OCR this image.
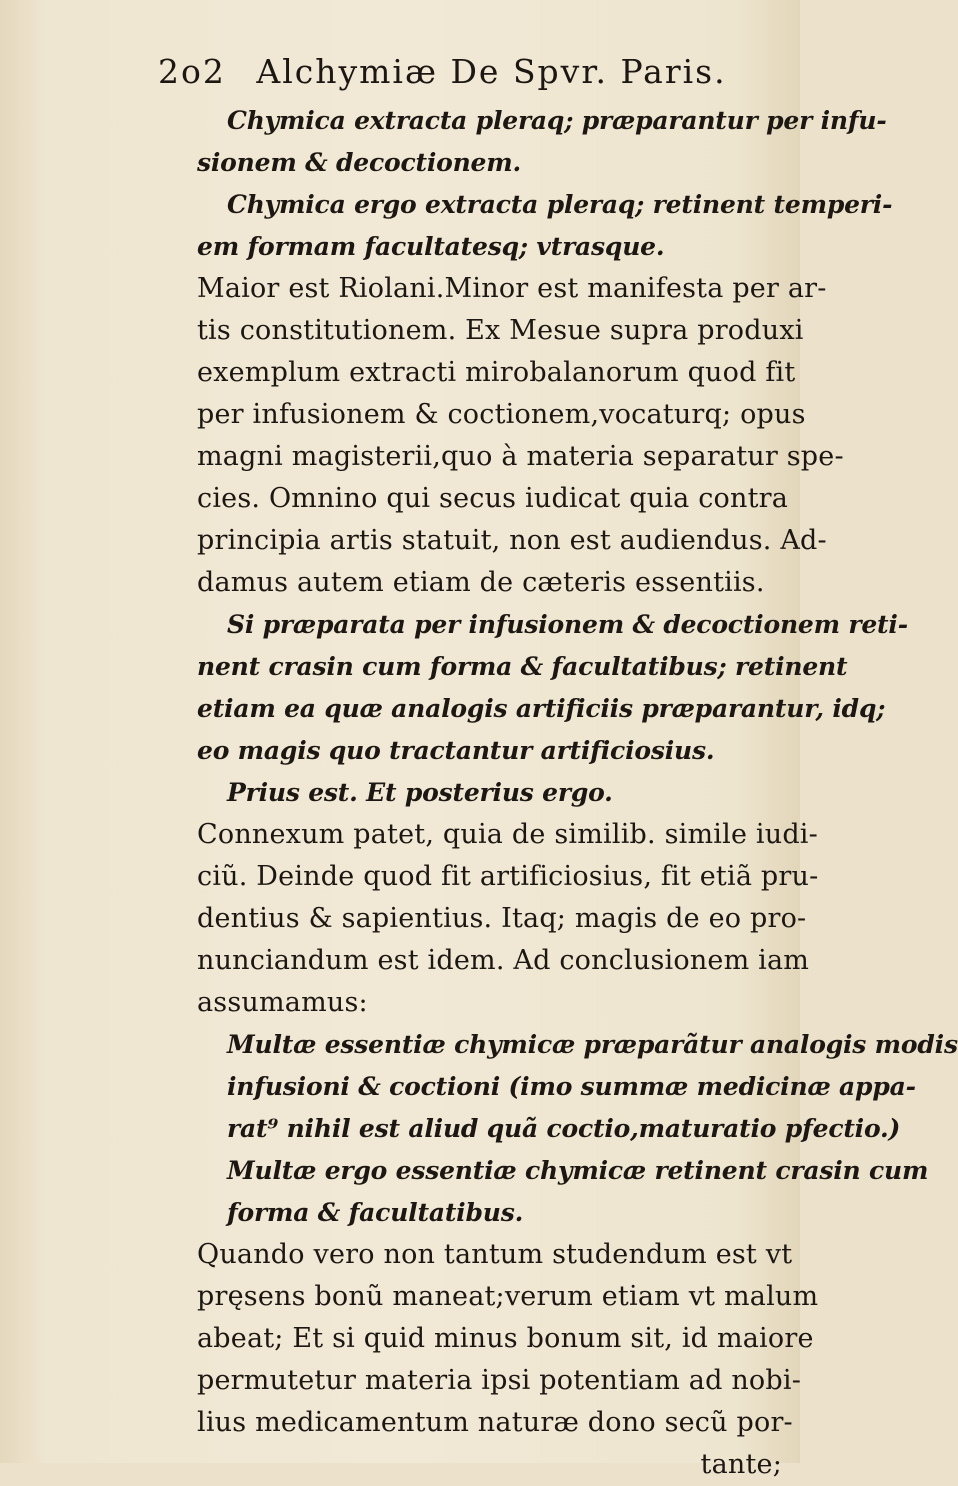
2o2 Alchymiæ De Spvr. Paris.
Chymica extracta pleraq; præparantur per infu-
sionem & decoctionem.
Chymica ergo extracta pleraq; retinent temperi-
em formam facultatesq; vtrasque.
Maior est Riolani.Minor est manifesta per ar-
tis constitutionem. Ex Mesue supra produxi
exemplum extracti mirobalanorum quod fit
per infusionem & coctionem,vocaturq; opus
magni magisterii,quo à materia separatur spe-
cies. Omnino qui secus iudicat quia contra
principia artis statuit, non est audiendus. Ad-
damus autem etiam de cæteris essentiis.
Si præparata per infusionem & decoctionem reti-
nent crasin cum forma & facultatibus; retinent
etiam ea quæ analogis artificiis præparantur, idq;
eo magis quo tractantur artificiosius.
Prius est. Et posterius ergo.
Connexum patet, quia de similib. simile iudi-
ciũ. Deinde quod fit artificiosius, fit etiã pru-
dentius & sapientius. Itaq; magis de eo pro-
nunciandum est idem. Ad conclusionem iam
assumamus:
Multæ essentiæ chymicæ præparãtur analogis modis
infusioni & coctioni (imo summæ medicinæ appa-
rat⁹ nihil est aliud quã coctio,maturatio pfectio.)
Multæ ergo essentiæ chymicæ retinent crasin cum
forma & facultatibus.
Quando vero non tantum studendum est vt
pręsens bonũ maneat;verum etiam vt malum
abeat; Et si quid minus bonum sit, id maiore
permutetur materia ipsi potentiam ad nobi-
lius medicamentum naturæ dono secũ por-
tante;
